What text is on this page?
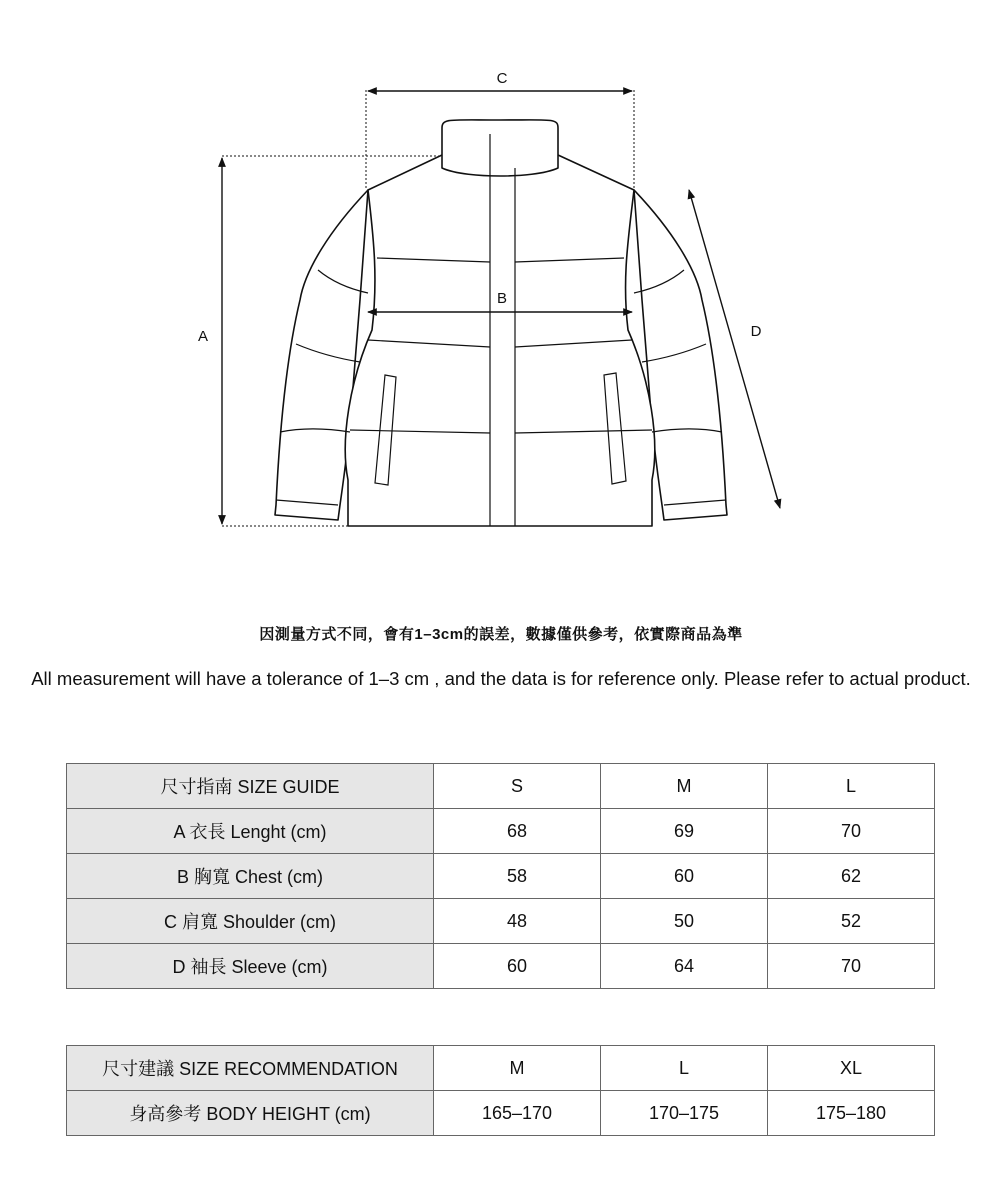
C
A
B
D
因測量方式不同，會有1–3cm的誤差，數據僅供參考，依實際商品為準
All measurement will have a tolerance of 1–3 cm , and the data is for reference only. Please refer to actual product.
尺寸指南 SIZE GUIDE	S	M	L
A 衣長 Lenght (cm)	68	69	70
B 胸寬 Chest (cm)	58	60	62
C 肩寬 Shoulder (cm)	48	50	52
D 袖長 Sleeve (cm)	60	64	70
尺寸建議 SIZE RECOMMENDATION	M	L	XL
身高參考 BODY HEIGHT (cm)	165–170	170–175	175–180
